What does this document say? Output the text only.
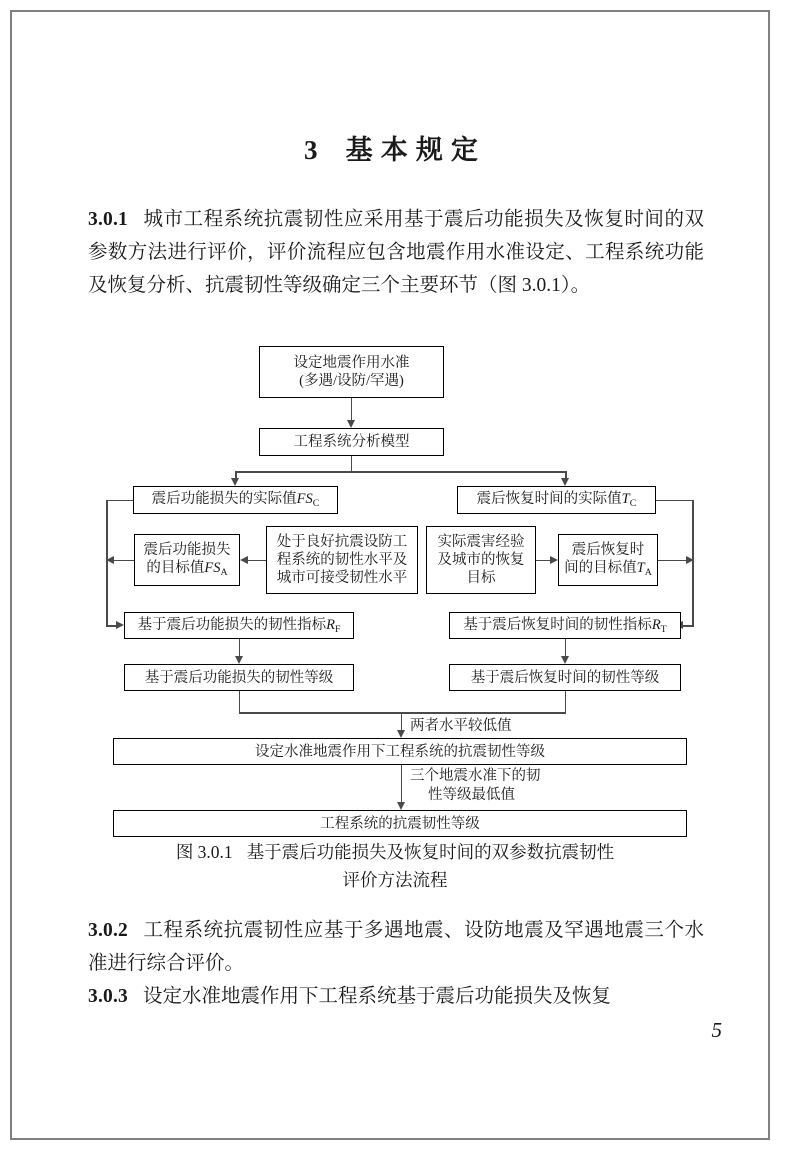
3 基本规定
3.0.1 城市工程系统抗震韧性应采用基于震后功能损失及恢复时间的双参数方法进行评价，评价流程应包含地震作用水准设定、工程系统功能及恢复分析、抗震韧性等级确定三个主要环节（图 3.0.1）。
设定地震作用水准
(多遇/设防/罕遇)
工程系统分析模型
震后功能损失的实际值$FS_C$	震后恢复时间的实际值$T_C$
震后功能损失
的目标值$FS_A$
处于良好抗震设防工
程系统的韧性水平及
城市可接受韧性水平
实际震害经验
及城市的恢复
目标
震后恢复时
间的目标值$T_A$
基于震后功能损失的韧性指标$R_F$	基于震后恢复时间的韧性指标$R_T$
基于震后功能损失的韧性等级	基于震后恢复时间的韧性等级
设定水准地震作用下工程系统的抗震韧性等级
工程系统的抗震韧性等级
两者水平较低值
三个地震水准下的韧
性等级最低值
图 3.0.1 基于震后功能损失及恢复时间的双参数抗震韧性
评价方法流程
3.0.2 工程系统抗震韧性应基于多遇地震、设防地震及罕遇地震三个水准进行综合评价。
3.0.3 设定水准地震作用下工程系统基于震后功能损失及恢复
5
